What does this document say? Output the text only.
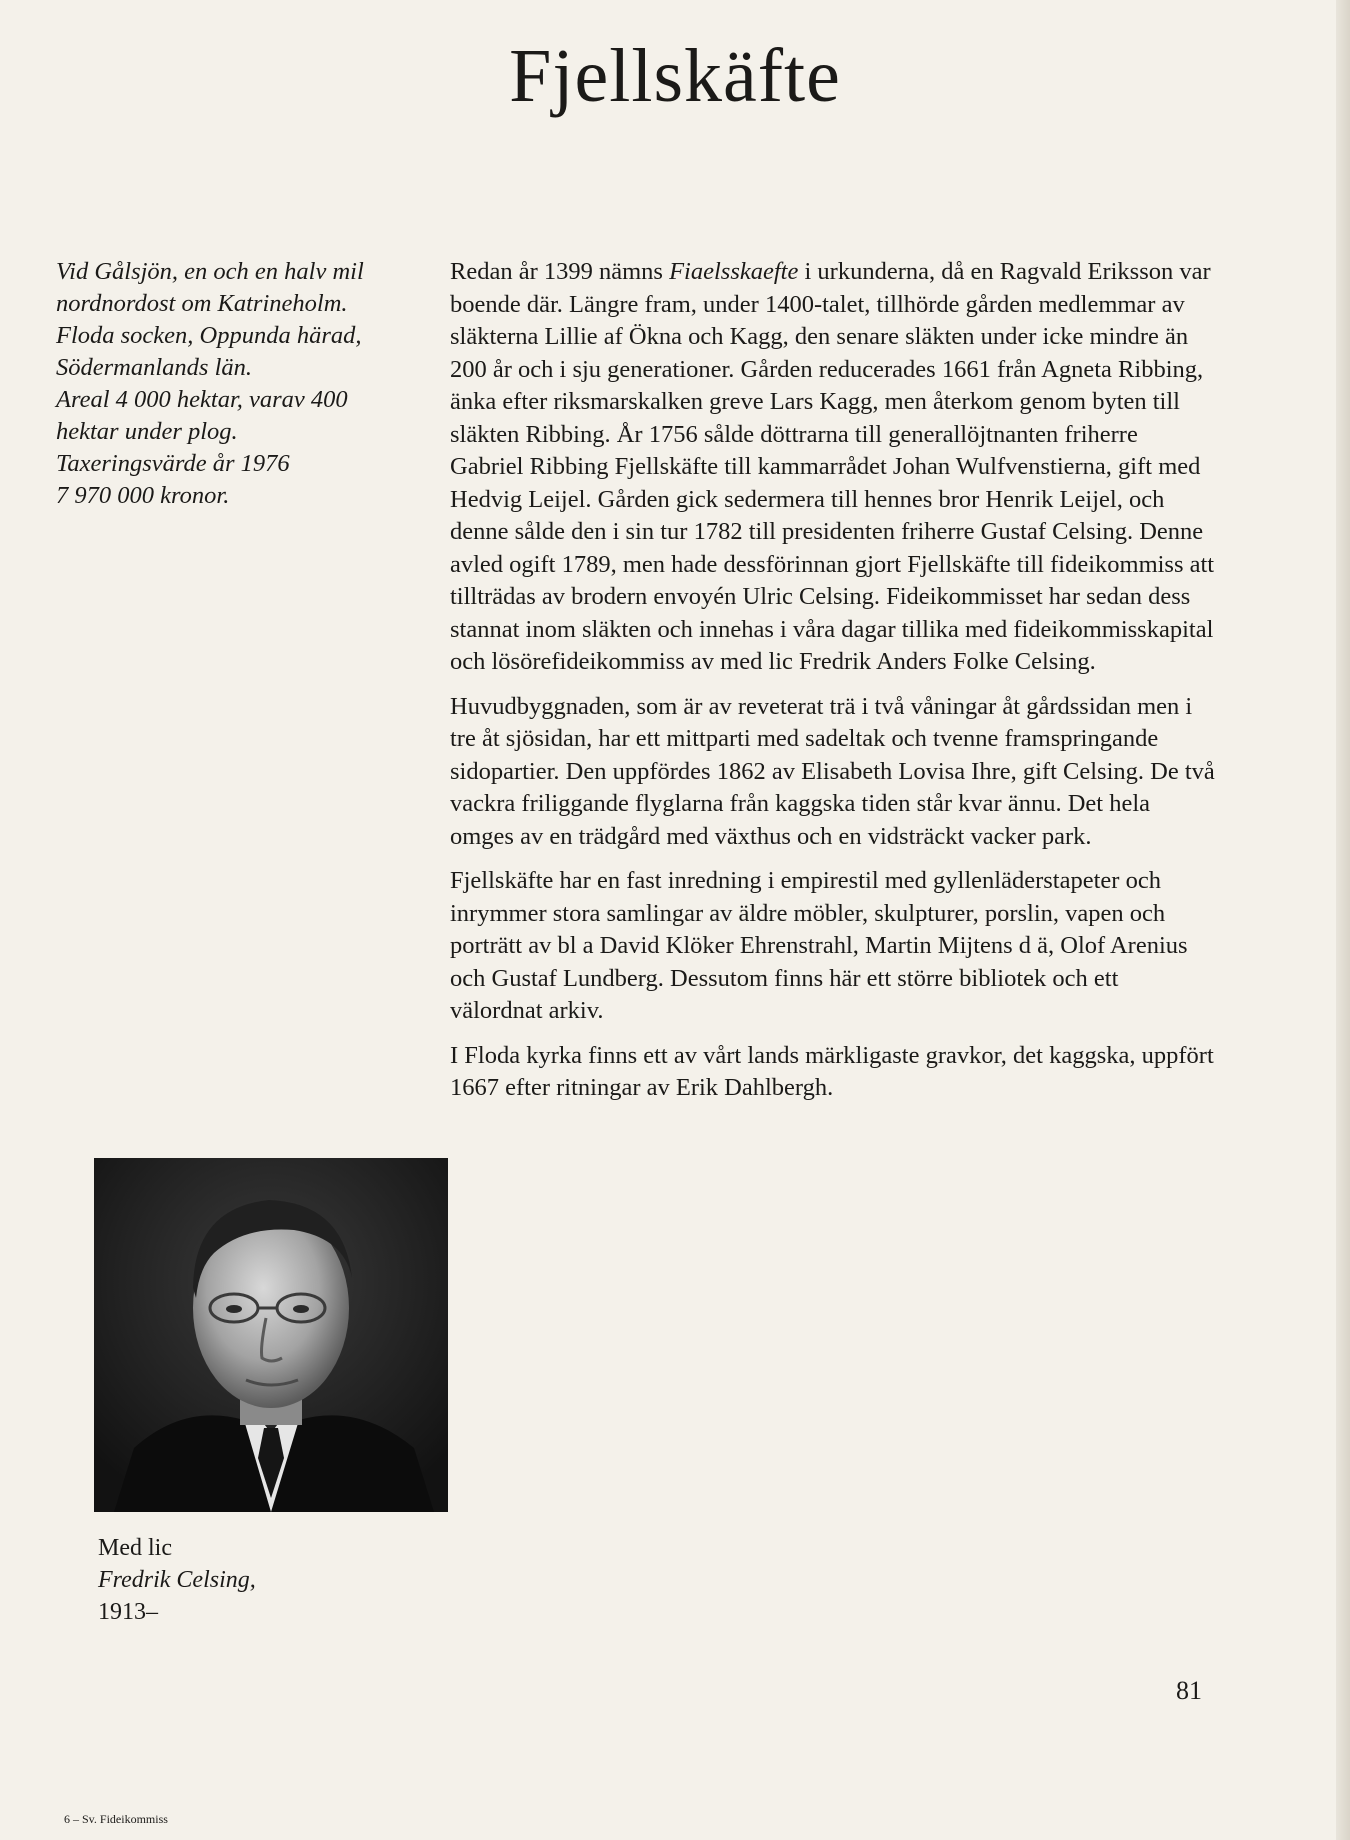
Fjellskäfte
Vid Gålsjön, en och en halv mil
nordnordost om Katrineholm.
Floda socken, Oppunda härad,
Södermanlands län.
Areal 4 000 hektar, varav 400
hektar under plog.
Taxeringsvärde år 1976
7 970 000 kronor.

Redan år 1399 nämns Fiaelsskaefte i urkunderna, då en Ragvald Eriksson var boende där. Längre fram, under 1400-talet, tillhörde gården medlemmar av släkterna Lillie af Ökna och Kagg, den senare släkten under icke mindre än 200 år och i sju generationer. Gården reducerades 1661 från Agneta Ribbing, änka efter riksmarskalken greve Lars Kagg, men återkom genom byten till släkten Ribbing. År 1756 sålde döttrarna till generallöjtnanten friherre Gabriel Ribbing Fjellskäfte till kammarrådet Johan Wulfvenstierna, gift med Hedvig Leijel. Gården gick sedermera till hennes bror Henrik Leijel, och denne sålde den i sin tur 1782 till presidenten friherre Gustaf Celsing. Denne avled ogift 1789, men hade dessförinnan gjort Fjellskäfte till fideikommiss att tillträdas av brodern envoyén Ulric Celsing. Fideikommisset har sedan dess stannat inom släkten och innehas i våra dagar tillika med fideikommisskapital och lösörefideikommiss av med lic Fredrik Anders Folke Celsing.

Huvudbyggnaden, som är av reveterat trä i två våningar åt gårdssidan men i tre åt sjösidan, har ett mittparti med sadeltak och tvenne framspringande sidopartier. Den uppfördes 1862 av Elisabeth Lovisa Ihre, gift Celsing. De två vackra friliggande flyglarna från kaggska tiden står kvar ännu. Det hela omges av en trädgård med växthus och en vidsträckt vacker park.

Fjellskäfte har en fast inredning i empirestil med gyllenläderstapeter och inrymmer stora samlingar av äldre möbler, skulpturer, porslin, vapen och porträtt av bl a David Klöker Ehrenstrahl, Martin Mijtens d ä, Olof Arenius och Gustaf Lundberg. Dessutom finns här ett större bibliotek och ett välordnat arkiv.

I Floda kyrka finns ett av vårt lands märkligaste gravkor, det kaggska, uppfört 1667 efter ritningar av Erik Dahlbergh.

Med lic
Fredrik Celsing,
1913–
81
6 – Sv. Fideikommiss
